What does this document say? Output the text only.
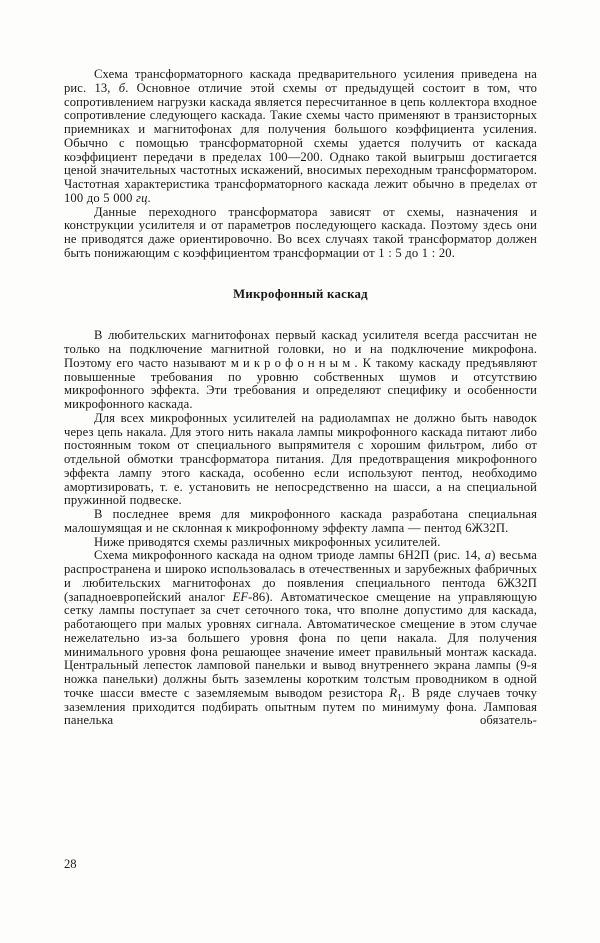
Схема трансформаторного каскада предварительного усиления приведена на рис. 13, б. Основное отличие этой схемы от предыдущей состоит в том, что сопротивлением нагрузки каскада является пересчитанное в цепь коллектора входное сопротивление следующего каскада. Такие схемы часто применяют в транзисторных приемниках и магнитофонах для получения большого коэффициента усиления. Обычно с помощью трансформаторной схемы удается получить от каскада коэффициент передачи в пределах 100—200. Однако такой выигрыш достигается ценой значительных частотных искажений, вносимых переходным трансформатором. Частотная характеристика трансформаторного каскада лежит обычно в пределах от 100 до 5 000 гц.

Данные переходного трансформатора зависят от схемы, назначения и конструкции усилителя и от параметров последующего каскада. Поэтому здесь они не приводятся даже ориентировочно. Во всех случаях такой трансформатор должен быть понижающим с коэффициентом трансформации от 1 : 5 до 1 : 20.

Микрофонный каскад

В любительских магнитофонах первый каскад усилителя всегда рассчитан не только на подключение магнитной головки, но и на подключение микрофона. Поэтому его часто называют микрофонным. К такому каскаду предъявляют повышенные требования по уровню собственных шумов и отсутствию микрофонного эффекта. Эти требования и определяют специфику и особенности микрофонного каскада.

Для всех микрофонных усилителей на радиолампах не должно быть наводок через цепь накала. Для этого нить накала лампы микрофонного каскада питают либо постоянным током от специального выпрямителя с хорошим фильтром, либо от отдельной обмотки трансформатора питания. Для предотвращения микрофонного эффекта лампу этого каскада, особенно если используют пентод, необходимо амортизировать, т. е. установить не непосредственно на шасси, а на специальной пружинной подвеске.

В последнее время для микрофонного каскада разработана специальная малошумящая и не склонная к микрофонному эффекту лампа — пентод 6Ж32П.

Ниже приводятся схемы различных микрофонных усилителей.

Схема микрофонного каскада на одном триоде лампы 6Н2П (рис. 14, а) весьма распространена и широко использовалась в отечественных и зарубежных фабричных и любительских магнитофонах до появления специального пентода 6Ж32П (западноевропейский аналог EF-86). Автоматическое смещение на управляющую сетку лампы поступает за счет сеточного тока, что вполне допустимо для каскада, работающего при малых уровнях сигнала. Автоматическое смещение в этом случае нежелательно из-за большего уровня фона по цепи накала. Для получения минимального уровня фона решающее значение имеет правильный монтаж каскада. Центральный лепесток ламповой панельки и вывод внутреннего экрана лампы (9-я ножка панельки) должны быть заземлены коротким толстым проводником в одной точке шасси вместе с заземляемым выводом резистора $R_1$. В ряде случаев точку заземления приходится подбирать опытным путем по минимуму фона. Ламповая панелька обязатель-

28
